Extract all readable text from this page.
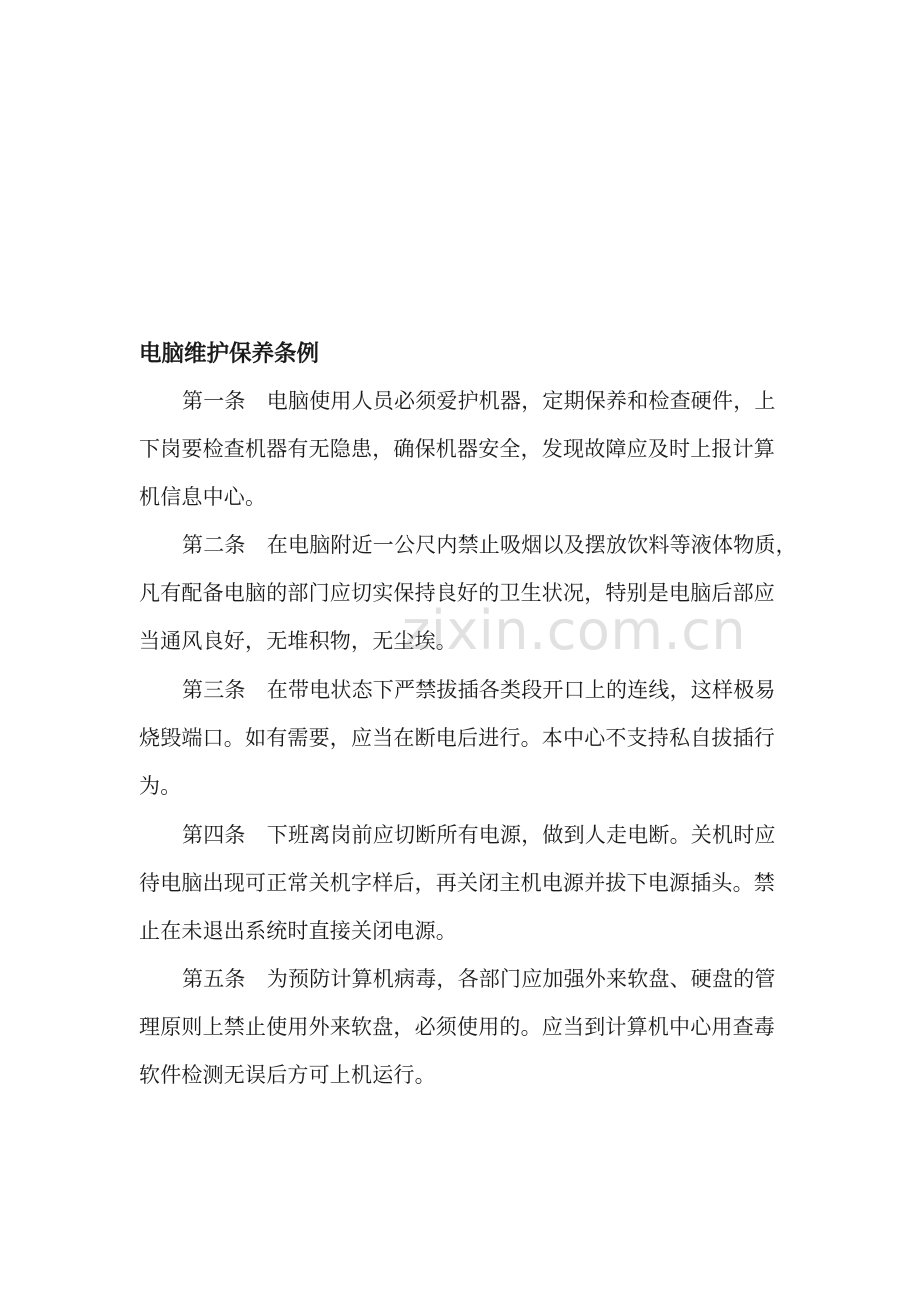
电脑维护保养条例
第一条　电脑使用人员必须爱护机器，定期保养和检查硬件，上
下岗要检查机器有无隐患，确保机器安全，发现故障应及时上报计算
机信息中心。
第二条　在电脑附近一公尺内禁止吸烟以及摆放饮料等液体物质，
凡有配备电脑的部门应切实保持良好的卫生状况，特别是电脑后部应
当通风良好，无堆积物，无尘埃。
第三条　在带电状态下严禁拔插各类段开口上的连线，这样极易
烧毁端口。如有需要，应当在断电后进行。本中心不支持私自拔插行
为。
第四条　下班离岗前应切断所有电源，做到人走电断。关机时应
待电脑出现可正常关机字样后，再关闭主机电源并拔下电源插头。禁
止在未退出系统时直接关闭电源。
第五条　为预防计算机病毒，各部门应加强外来软盘、硬盘的管
理原则上禁止使用外来软盘，必须使用的。应当到计算机中心用查毒
软件检测无误后方可上机运行。
zixin.com.cn
